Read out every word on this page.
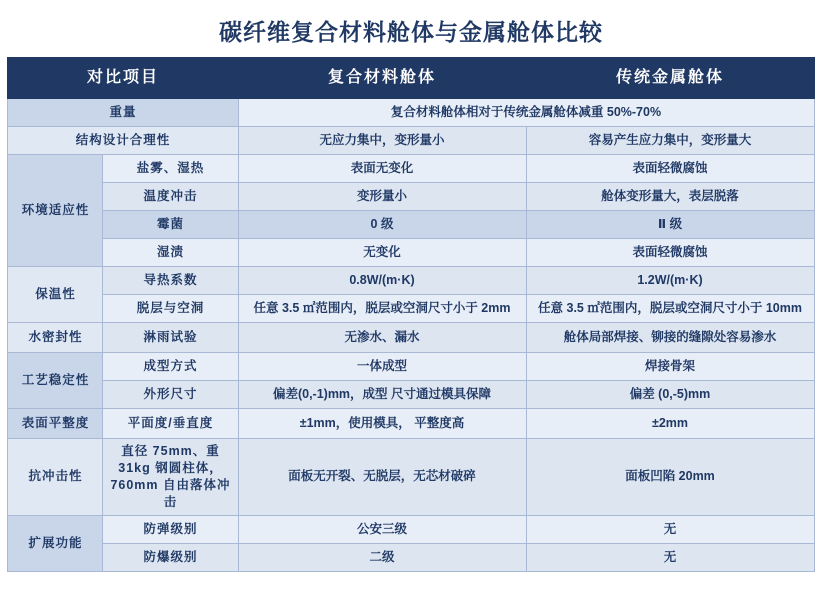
碳纤维复合材料舱体与金属舱体比较
对比项目		复合材料舱体	传统金属舱体
重量		复合材料舱体相对于传统金属舱体减重 50%-70%	
结构设计合理性		无应力集中，变形量小	容易产生应力集中，变形量大
环境适应性	盐雾、湿热	表面无变化	表面轻微腐蚀
	温度冲击	变形量小	舱体变形量大，表层脱落
	霉菌	0 级	Ⅱ 级
	湿渍	无变化	表面轻微腐蚀
保温性	导热系数	0.8W/(m·K)	1.2W/(m·K)
	脱层与空洞	任意 3.5 ㎡范围内，脱层或空洞尺寸小于 2mm	任意 3.5 ㎡范围内，脱层或空洞尺寸小于 10mm
水密封性	淋雨试验	无渗水、漏水	舱体局部焊接、铆接的缝隙处容易渗水
工艺稳定性	成型方式	一体成型	焊接骨架
	外形尺寸	偏差(0,-1)mm，成型 尺寸通过模具保障	偏差 (0,-5)mm
表面平整度	平面度/垂直度	±1mm，使用模具， 平整度高	±2mm
抗冲击性	直径 75mm、重 31kg 钢圆柱体，760mm 自由落体冲击	面板无开裂、无脱层，无芯材破碎	面板凹陷 20mm
扩展功能	防弹级别	公安三级	无
	防爆级别	二级	无
